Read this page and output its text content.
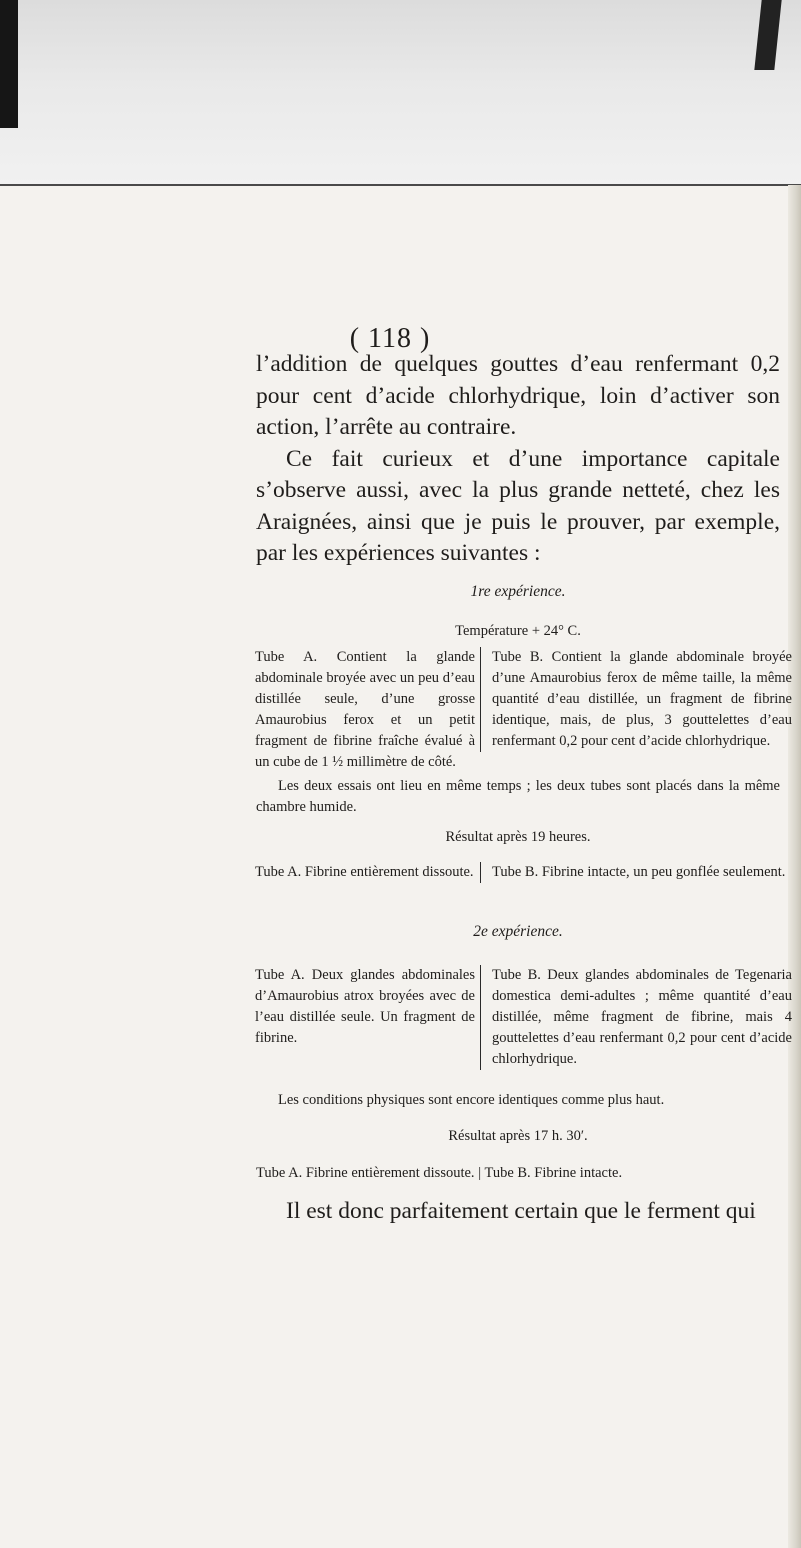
( 118 )

l’addition de quelques gouttes d’eau renfermant 0,2 pour cent d’acide chlorhydrique, loin d’activer son action, l’arrête au contraire.

Ce fait curieux et d’une importance capitale s’observe aussi, avec la plus grande netteté, chez les Araignées, ainsi que je puis le prouver, par exemple, par les expériences suivantes :

1re expérience.
Température + 24° C.
Tube A. Contient la glande abdominale broyée avec un peu d’eau distillée seule, d’une grosse Amaurobius ferox et un petit fragment de fibrine fraîche évalué à un cube de 1 ½ millimètre de côté.
Tube B. Contient la glande abdominale broyée d’une Amaurobius ferox de même taille, la même quantité d’eau distillée, un fragment de fibrine identique, mais, de plus, 3 gouttelettes d’eau renfermant 0,2 pour cent d’acide chlorhydrique.
Les deux essais ont lieu en même temps ; les deux tubes sont placés dans la même chambre humide.
Résultat après 19 heures.
Tube A. Fibrine entièrement dissoute.	Tube B. Fibrine intacte, un peu gonflée seulement.
2e expérience.
Tube A. Deux glandes abdominales d’Amaurobius atrox broyées avec de l’eau distillée seule. Un fragment de fibrine.
Tube B. Deux glandes abdominales de Tegenaria domestica demi-adultes ; même quantité d’eau distillée, même fragment de fibrine, mais 4 gouttelettes d’eau renfermant 0,2 pour cent d’acide chlorhydrique.
Les conditions physiques sont encore identiques comme plus haut.
Résultat après 17 h. 30′.
Tube A. Fibrine entièrement dissoute. | Tube B. Fibrine intacte.
Il est donc parfaitement certain que le ferment qui
